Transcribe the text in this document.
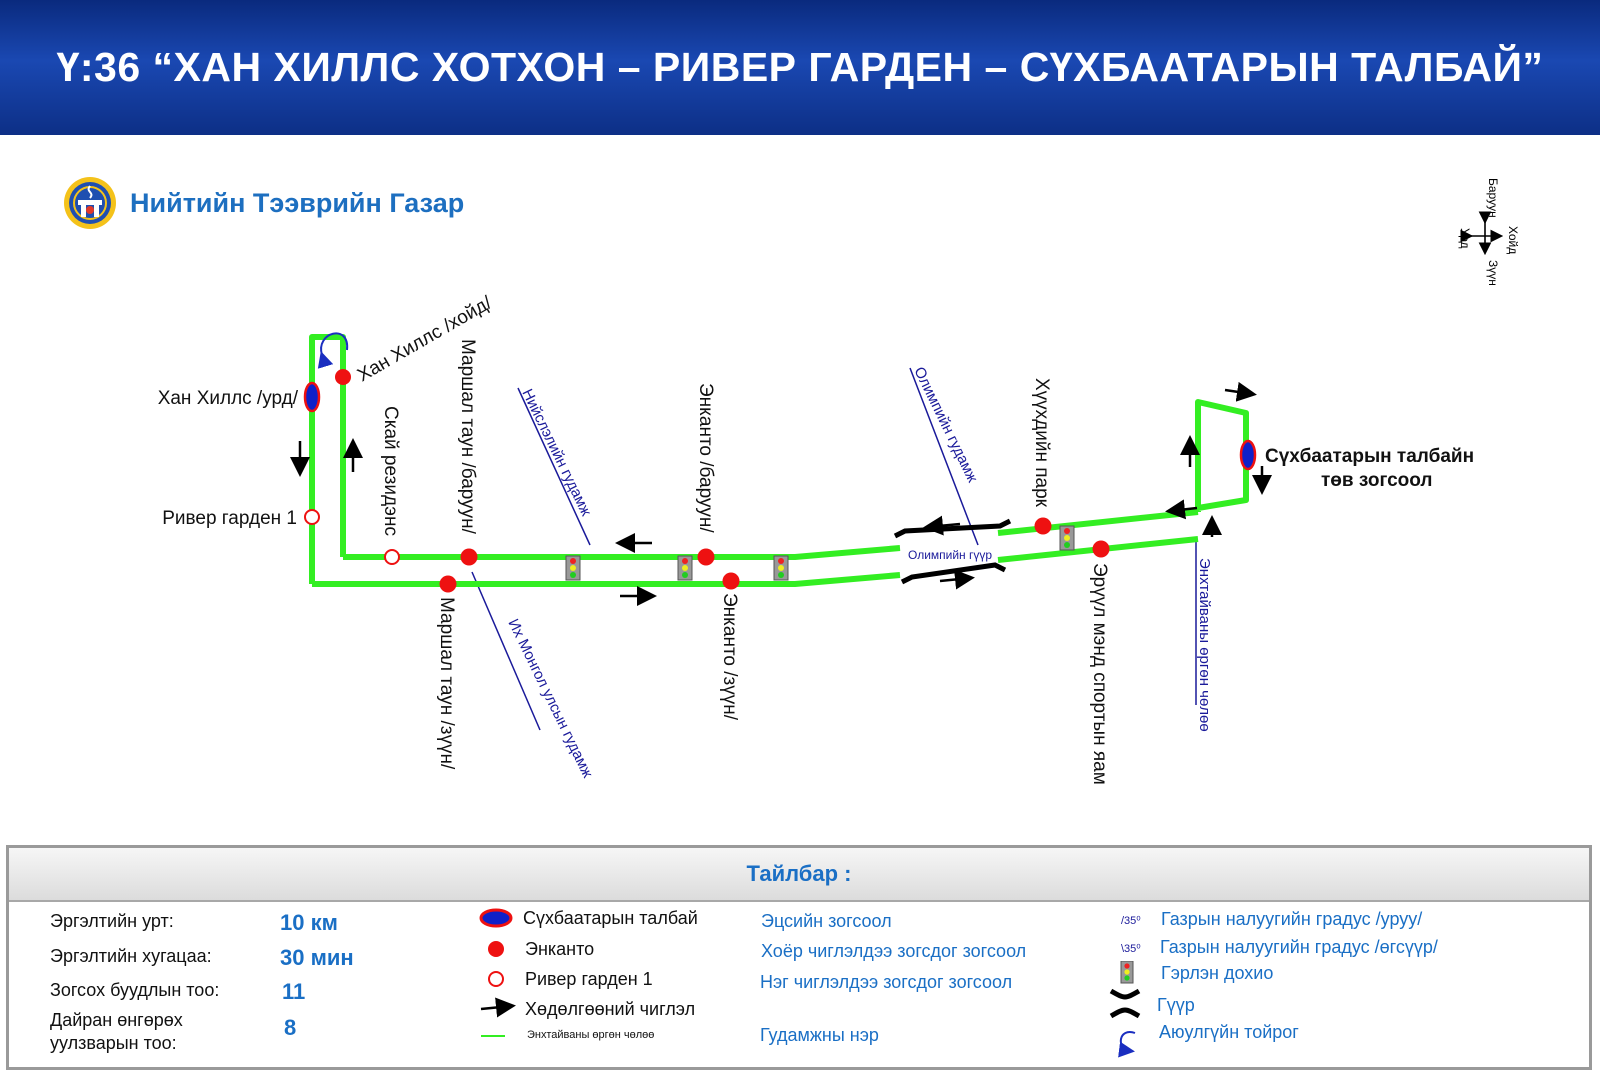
Ү:36 “ХАН ХИЛЛС ХОТХОН – РИВЕР ГАРДЕН – СҮХБААТАРЫН ТАЛБАЙ”
Нийтийн Тээврийн Газар
Хойд
Урд
Баруун
Зүүн
Олимпийн гүүр
Хан Хиллс /хойд/
Хан Хиллс /урд/
Ривер гарден 1	Скай резидэнс	Маршал таун /баруун/
Маршал таун /зүүн/
Энканто /баруун/
Энканто /зүүн/
Хүүхдийн парк
Эрүүл мэнд спортын яам
Сүхбаатарын талбайн
төв зогсоол
Нийслэлийн гудамж
Их Монгол улсын гудамж
Олимпийн гудамж
Энхтайваны өргөн чөлөө
Тайлбар :
Эргэлтийн урт:	10 км
Эргэлтийн хугацаа:	30 мин
Зогсох буудлын тоо:	11
Дайран өнгөрөх
уулзварын тоо:
8
Сүхбаатарын талбай
Энканто
Ривер гарден 1
Хөдөлгөөний чиглэл
Энхтайваны өргөн чөлөө
Эцсийн зогсоол
Хоёр чиглэлдээ зогсдог зогсоол
Нэг чиглэлдээ зогсдог зогсоол
Гудамжны нэр
/35⁰ Газрын налуугийн градус /уруу/
\35⁰ Газрын налуугийн градус /өгсүүр/
Гэрлэн дохио
Гүүр
Аюулгүйн тойрог
